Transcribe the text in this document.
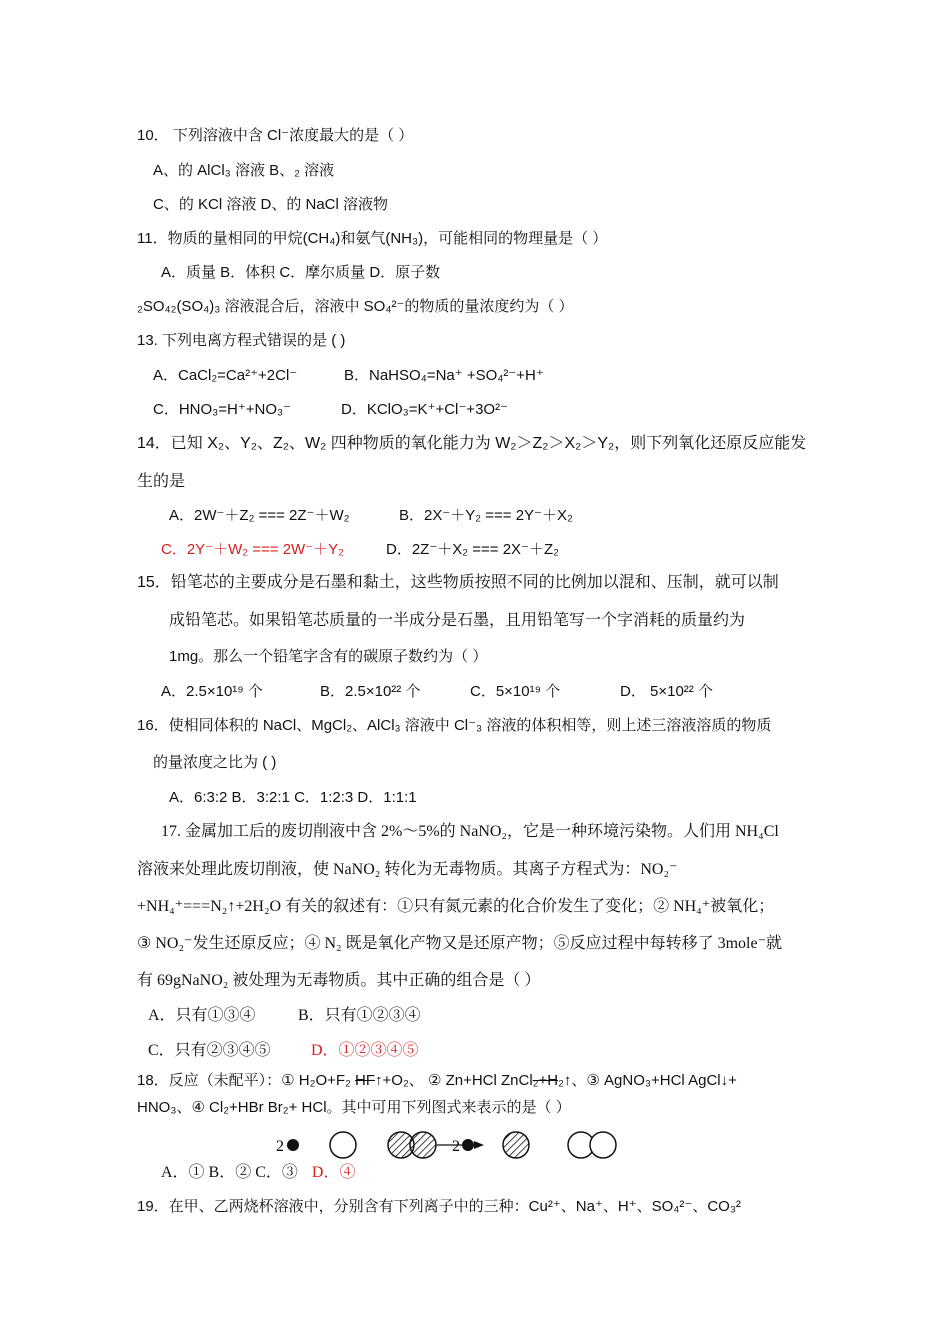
10． 下列溶液中含 Cl⁻浓度最大的是（ ）
A、的 AlCl₃ 溶液 B、₂ 溶液
C、的 KCl 溶液 D、的 NaCl 溶液物
11．物质的量相同的甲烷(CH₄)和氨气(NH₃)，可能相同的物理量是（ ）
A．质量 B．体积 C．摩尔质量 D．原子数
₂SO₄₂(SO₄)₃ 溶液混合后，溶液中 SO₄²⁻的物质的量浓度约为（ ）
13. 下列电离方程式错误的是 ( )
A．CaCl₂=Ca²⁺+2Cl⁻	B．NaHSO₄=Na⁺ +SO₄²⁻+H⁺
C．HNO₃=H⁺+NO₃⁻	D．KClO₃=K⁺+Cl⁻+3O²⁻
14．已知 X₂、Y₂、Z₂、W₂ 四种物质的氧化能力为 W₂＞Z₂＞X₂＞Y₂，则下列氧化还原反应能发
生的是
A．2W⁻＋Z₂ === 2Z⁻＋W₂	B．2X⁻＋Y₂ === 2Y⁻＋X₂
C．2Y⁻＋W₂ === 2W⁻＋Y₂	D．2Z⁻＋X₂ === 2X⁻＋Z₂
15．铅笔芯的主要成分是石墨和黏土，这些物质按照不同的比例加以混和、压制，就可以制
成铅笔芯。如果铅笔芯质量的一半成分是石墨，且用铅笔写一个字消耗的质量约为
1mg。那么一个铅笔字含有的碳原子数约为（ ）
A．2.5×10¹⁹ 个	B．2.5×10²² 个	C．5×10¹⁹ 个	D． 5×10²² 个
16．使相同体积的 NaCl、MgCl₂、AlCl₃ 溶液中 Cl⁻₃ 溶液的体积相等，则上述三溶液溶质的物质
的量浓度之比为 ( )
A．6:3:2 B．3:2:1 C．1:2:3 D．1:1:1
17. 金属加工后的废切削液中含 2%～5%的 NaNO₂，它是一种环境污染物。人们用 NH₄Cl
溶液来处理此废切削液，使 NaNO₂ 转化为无毒物质。其离子方程式为：NO₂⁻
+NH₄⁺===N₂↑+2H₂O 有关的叙述有：①只有氮元素的化合价发生了变化；② NH₄⁺被氧化；
③ NO₂⁻发生还原反应；④ N₂ 既是氧化产物又是还原产物；⑤反应过程中每转移了 3mole⁻就
有 69gNaNO₂ 被处理为无毒物质。其中正确的组合是（ ）
A．只有①③④	B．只有①②③④
C．只有②③④⑤	D．①②③④⑤
18．反应（未配平）：① H₂O+F₂ HF↑+O₂、 ② Zn+HCl ZnCl₂+H₂↑、③ AgNO₃+HCl AgCl↓+
HNO₃、④ Cl₂+HBr Br₂+ HCl。其中可用下列图式来表示的是（ ）
2	2
A．① B．② C．③ D．④
19．在甲、乙两烧杯溶液中，分别含有下列离子中的三种：Cu²⁺、Na⁺、H⁺、SO₄²⁻、CO₃²
